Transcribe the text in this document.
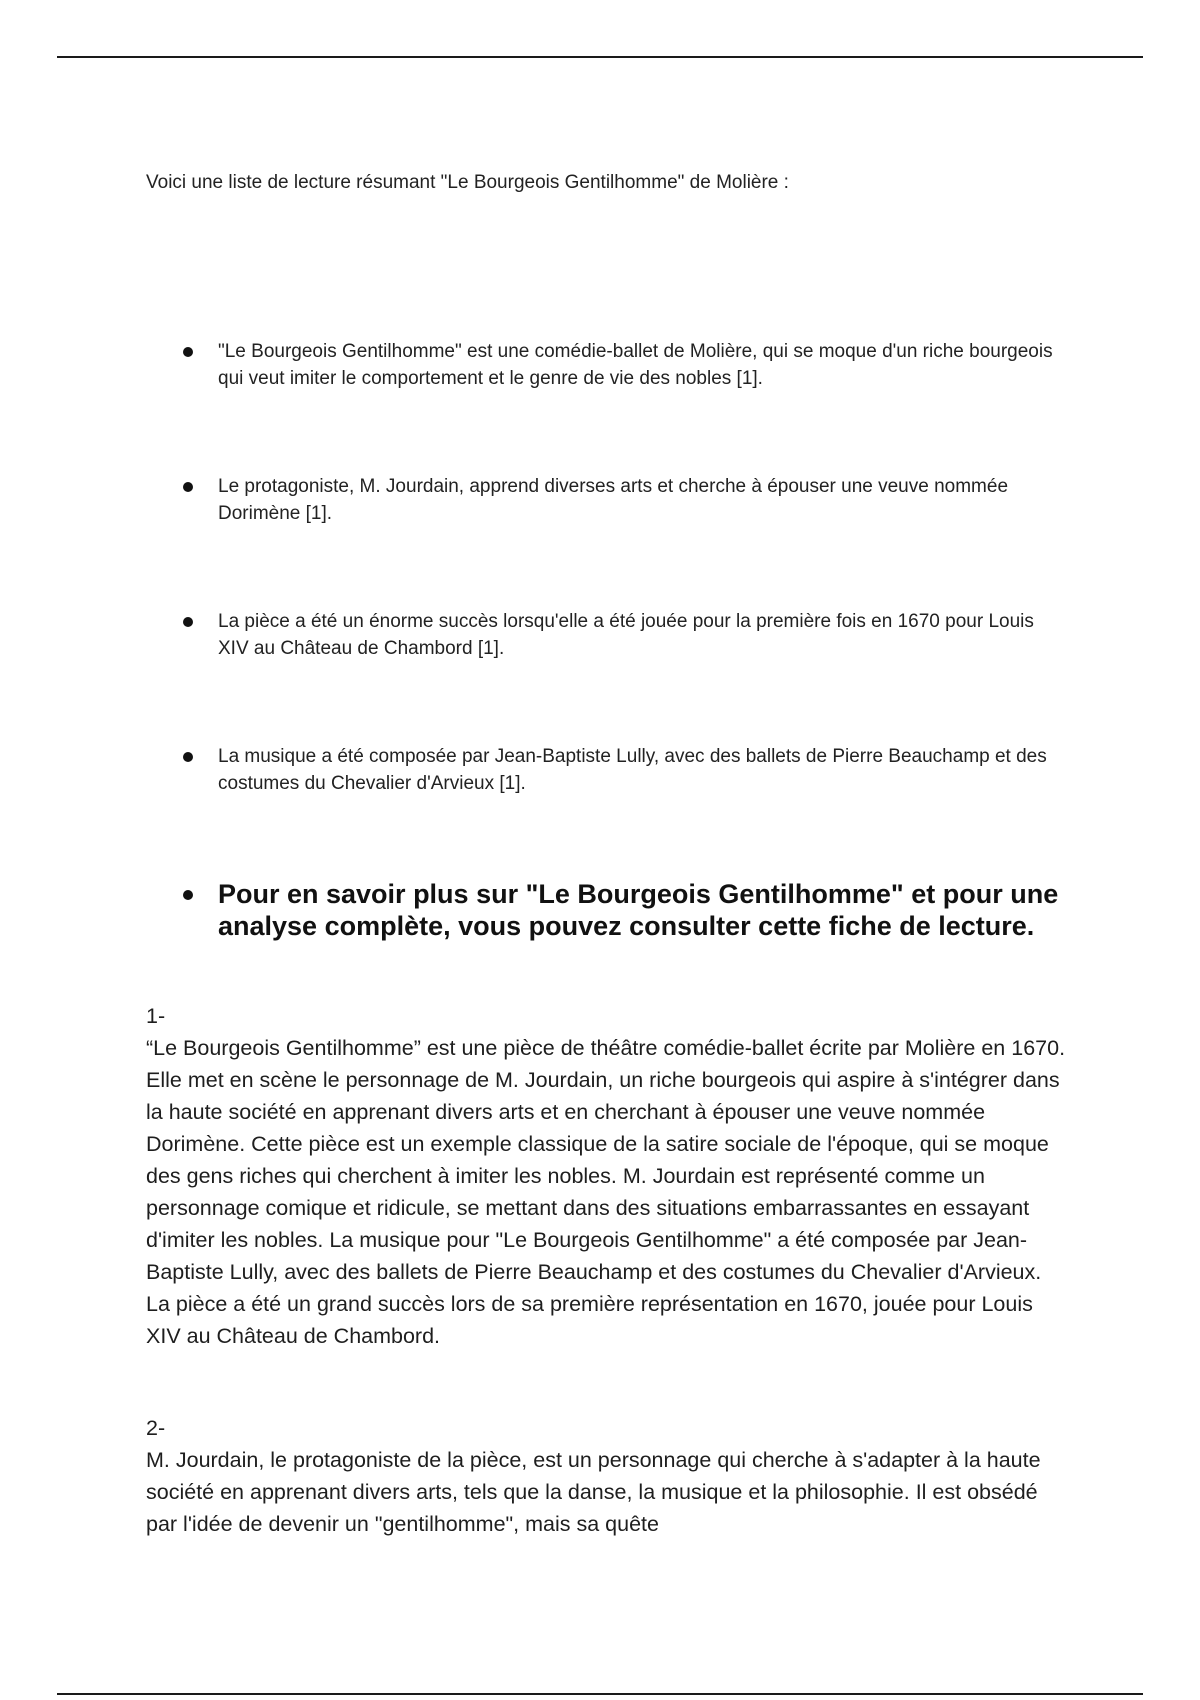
Voici une liste de lecture résumant "Le Bourgeois Gentilhomme" de Molière :

"Le Bourgeois Gentilhomme" est une comédie-ballet de Molière, qui se moque d'un riche bourgeois qui veut imiter le comportement et le genre de vie des nobles [1].
Le protagoniste, M. Jourdain, apprend diverses arts et cherche à épouser une veuve nommée Dorimène [1].
La pièce a été un énorme succès lorsqu'elle a été jouée pour la première fois en 1670 pour Louis XIV au Château de Chambord [1].
La musique a été composée par Jean-Baptiste Lully, avec des ballets de Pierre Beauchamp et des costumes du Chevalier d'Arvieux [1].
Pour en savoir plus sur "Le Bourgeois Gentilhomme" et pour une analyse complète, vous pouvez consulter cette fiche de lecture.
1-
“Le Bourgeois Gentilhomme” est une pièce de théâtre comédie-ballet écrite par Molière en 1670. Elle met en scène le personnage de M. Jourdain, un riche bourgeois qui aspire à s'intégrer dans la haute société en apprenant divers arts et en cherchant à épouser une veuve nommée Dorimène. Cette pièce est un exemple classique de la satire sociale de l'époque, qui se moque des gens riches qui cherchent à imiter les nobles. M. Jourdain est représenté comme un personnage comique et ridicule, se mettant dans des situations embarrassantes en essayant d'imiter les nobles. La musique pour "Le Bourgeois Gentilhomme" a été composée par Jean-Baptiste Lully, avec des ballets de Pierre Beauchamp et des costumes du Chevalier d'Arvieux. La pièce a été un grand succès lors de sa première représentation en 1670, jouée pour Louis XIV au Château de Chambord.
2-
M. Jourdain, le protagoniste de la pièce, est un personnage qui cherche à s'adapter à la haute société en apprenant divers arts, tels que la danse, la musique et la philosophie. Il est obsédé par l'idée de devenir un "gentilhomme", mais sa quête
